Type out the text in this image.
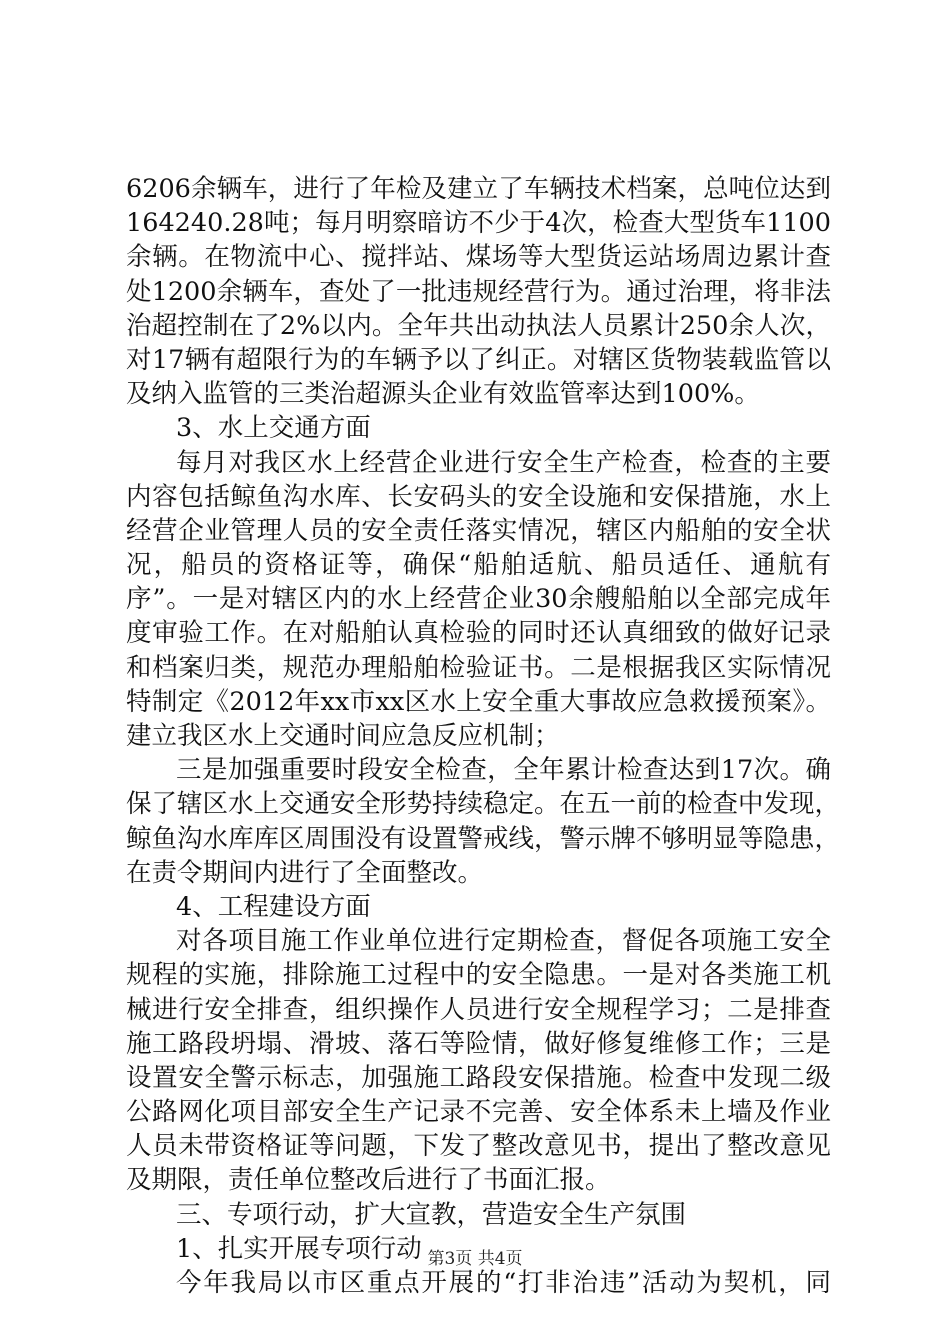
6206余辆车，进行了年检及建立了车辆技术档案，总吨位达到
164240.28吨；每月明察暗访不少于4次，检查大型货车1100
余辆。在物流中心、搅拌站、煤场等大型货运站场周边累计查
处1200余辆车，查处了一批违规经营行为。通过治理，将非法
治超控制在了2%以内。全年共出动执法人员累计250余人次，
对17辆有超限行为的车辆予以了纠正。对辖区货物装载监管以
及纳入监管的三类治超源头企业有效监管率达到100%。
3、水上交通方面
每月对我区水上经营企业进行安全生产检查，检查的主要
内容包括鲸鱼沟水库、长安码头的安全设施和安保措施，水上
经营企业管理人员的安全责任落实情况，辖区内船舶的安全状
况，船员的资格证等，确保“船舶适航、船员适任、通航有
序”。一是对辖区内的水上经营企业30余艘船舶以全部完成年
度审验工作。在对船舶认真检验的同时还认真细致的做好记录
和档案归类，规范办理船舶检验证书。二是根据我区实际情况
特制定《2012年xx市xx区水上安全重大事故应急救援预案》。
建立我区水上交通时间应急反应机制；
三是加强重要时段安全检查，全年累计检查达到17次。确
保了辖区水上交通安全形势持续稳定。在五一前的检查中发现，
鲸鱼沟水库库区周围没有设置警戒线，警示牌不够明显等隐患，
在责令期间内进行了全面整改。
4、工程建设方面
对各项目施工作业单位进行定期检查，督促各项施工安全
规程的实施，排除施工过程中的安全隐患。一是对各类施工机
械进行安全排查，组织操作人员进行安全规程学习；二是排查
施工路段坍塌、滑坡、落石等险情，做好修复维修工作；三是
设置安全警示标志，加强施工路段安保措施。检查中发现二级
公路网化项目部安全生产记录不完善、安全体系未上墙及作业
人员未带资格证等问题，下发了整改意见书，提出了整改意见
及期限，责任单位整改后进行了书面汇报。
三、专项行动，扩大宣教，营造安全生产氛围
1、扎实开展专项行动
今年我局以市区重点开展的“打非治违”活动为契机，同
第3页 共4页
